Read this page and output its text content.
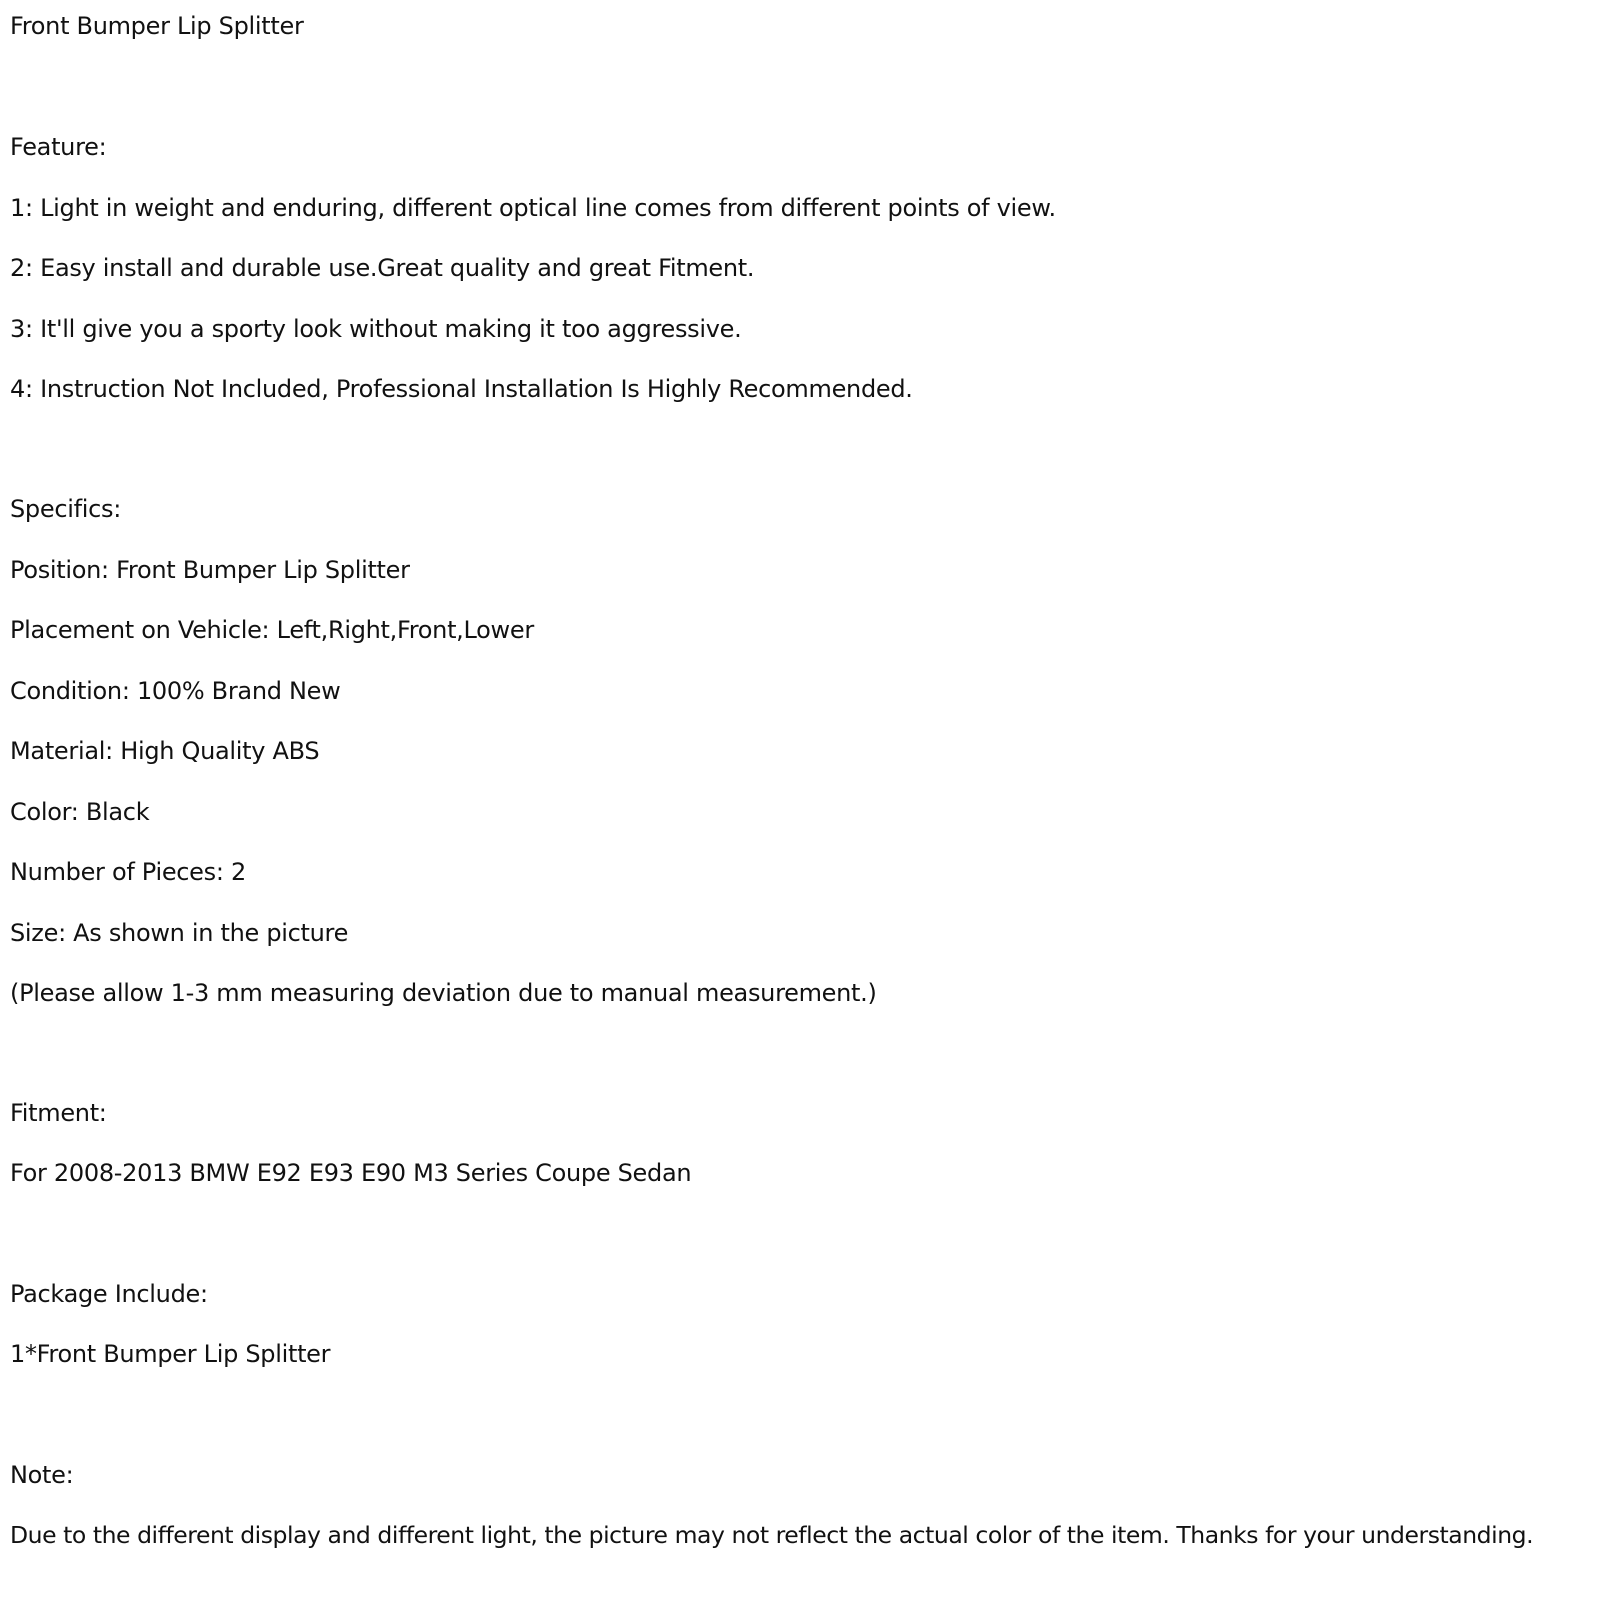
Front Bumper Lip Splitter
Feature:
1: Light in weight and enduring, different optical line comes from different points of view.
2: Easy install and durable use.Great quality and great Fitment.
3: It'll give you a sporty look without making it too aggressive.
4: Instruction Not Included, Professional Installation Is Highly Recommended.
Specifics:
Position: Front Bumper Lip Splitter
Placement on Vehicle: Left,Right,Front,Lower
Condition: 100% Brand New
Material: High Quality ABS
Color: Black
Number of Pieces: 2
Size: As shown in the picture
(Please allow 1-3 mm measuring deviation due to manual measurement.)
Fitment:
For 2008-2013 BMW E92 E93 E90 M3 Series Coupe Sedan
Package Include:
1*Front Bumper Lip Splitter
Note:
Due to the different display and different light, the picture may not reflect the actual color of the item. Thanks for your understanding.
